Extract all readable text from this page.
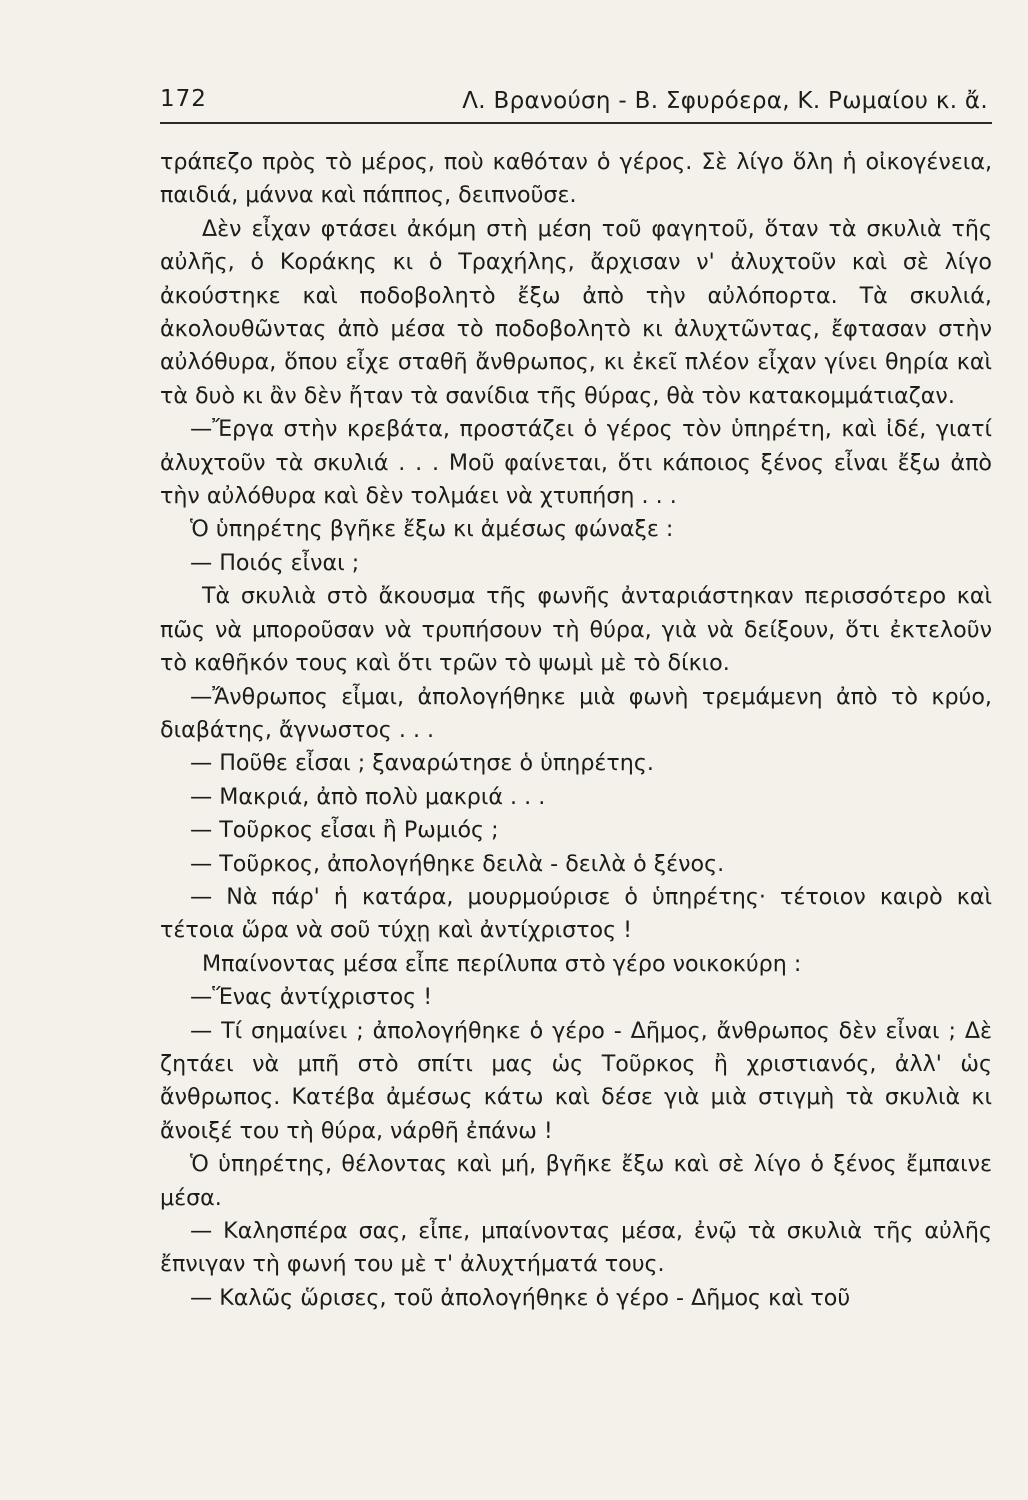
172	Λ. Βρανούση - Β. Σφυρόερα, Κ. Ρωμαίου κ. ἄ.

τράπεζο πρὸς τὸ μέρος, ποὺ καθόταν ὁ γέρος. Σὲ λίγο ὅλη ἡ οἰκογένεια, παιδιά, μάννα καὶ πάππος, δειπνοῦσε.

Δὲν εἶχαν φτάσει ἀκόμη στὴ μέση τοῦ φαγητοῦ, ὅταν τὰ σκυλιὰ τῆς αὐλῆς, ὁ Κοράκης κι ὁ Τραχήλης, ἄρχισαν ν' ἀλυχτοῦν καὶ σὲ λίγο ἀκούστηκε καὶ ποδοβολητὸ ἔξω ἀπὸ τὴν αὐλόπορτα. Τὰ σκυλιά, ἀκολουθῶντας ἀπὸ μέσα τὸ ποδοβολητὸ κι ἀλυχτῶντας, ἔφτασαν στὴν αὐλόθυρα, ὅπου εἶχε σταθῆ ἄνθρωπος, κι ἐκεῖ πλέον εἶχαν γίνει θηρία καὶ τὰ δυὸ κι ἂν δὲν ἤταν τὰ σανίδια τῆς θύρας, θὰ τὸν κατακομμάτιαζαν.

—Ἔργα στὴν κρεβάτα, προστάζει ὁ γέρος τὸν ὑπηρέτη, καὶ ἰδέ, γιατί ἀλυχτοῦν τὰ σκυλιά . . . Μοῦ φαίνεται, ὅτι κάποιος ξένος εἶναι ἔξω ἀπὸ τὴν αὐλόθυρα καὶ δὲν τολμάει νὰ χτυπήση . . .

Ὁ ὑπηρέτης βγῆκε ἔξω κι ἀμέσως φώναξε :

— Ποιός εἶναι ;

Τὰ σκυλιὰ στὸ ἄκουσμα τῆς φωνῆς ἀνταριάστηκαν περισσότερο καὶ πῶς νὰ μποροῦσαν νὰ τρυπήσουν τὴ θύρα, γιὰ νὰ δείξουν, ὅτι ἐκτελοῦν τὸ καθῆκόν τους καὶ ὅτι τρῶν τὸ ψωμὶ μὲ τὸ δίκιο.

—Ἄνθρωπος εἶμαι, ἀπολογήθηκε μιὰ φωνὴ τρεμάμενη ἀπὸ τὸ κρύο, διαβάτης, ἄγνωστος . . .

— Ποῦθε εἶσαι ; ξαναρώτησε ὁ ὑπηρέτης.

— Μακριά, ἀπὸ πολὺ μακριά . . .

— Τοῦρκος εἶσαι ἢ Ρωμιός ;

— Τοῦρκος, ἀπολογήθηκε δειλὰ - δειλὰ ὁ ξένος.

— Νὰ πάρ' ἡ κατάρα, μουρμούρισε ὁ ὑπηρέτης· τέτοιον καιρὸ καὶ τέτοια ὥρα νὰ σοῦ τύχῃ καὶ ἀντίχριστος !

Μπαίνοντας μέσα εἶπε περίλυπα στὸ γέρο νοικοκύρη :

—Ἕνας ἀντίχριστος !

— Τί σημαίνει ; ἀπολογήθηκε ὁ γέρο - Δῆμος, ἄνθρωπος δὲν εἶναι ; Δὲ ζητάει νὰ μπῆ στὸ σπίτι μας ὡς Τοῦρκος ἢ χριστιανός, ἀλλ' ὡς ἄνθρωπος. Κατέβα ἀμέσως κάτω καὶ δέσε γιὰ μιὰ στιγμὴ τὰ σκυλιὰ κι ἄνοιξέ του τὴ θύρα, νάρθῆ ἐπάνω !

Ὁ ὑπηρέτης, θέλοντας καὶ μή, βγῆκε ἔξω καὶ σὲ λίγο ὁ ξένος ἔμπαινε μέσα.

— Καλησπέρα σας, εἶπε, μπαίνοντας μέσα, ἐνῷ τὰ σκυλιὰ τῆς αὐλῆς ἔπνιγαν τὴ φωνή του μὲ τ' ἀλυχτήματά τους.

— Καλῶς ὥρισες, τοῦ ἀπολογήθηκε ὁ γέρο - Δῆμος καὶ τοῦ
